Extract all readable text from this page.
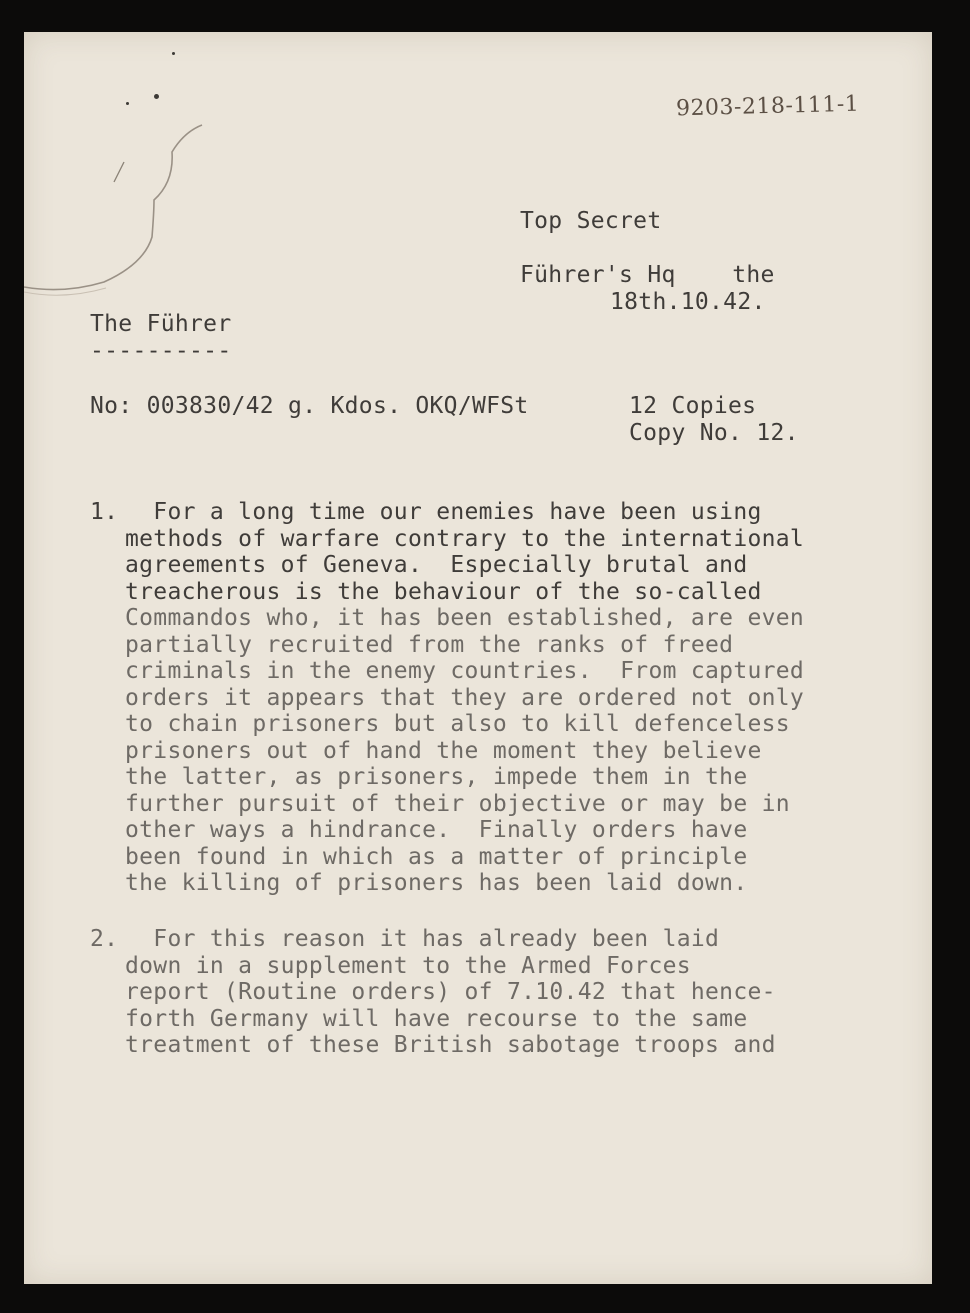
9203-218-111-1
Top Secret
Führer's Hq    the
18th.10.42.
The Führer
----------
No: 003830/42 g. Kdos. OKQ/WFSt	12 Copies
Copy No. 12.
1. For a long time our enemies have been using
methods of warfare contrary to the international
agreements of Geneva.  Especially brutal and
treacherous is the behaviour of the so-called
Commandos who, it has been established, are even
partially recruited from the ranks of freed
criminals in the enemy countries.  From captured
orders it appears that they are ordered not only
to chain prisoners but also to kill defenceless
prisoners out of hand the moment they believe
the latter, as prisoners, impede them in the
further pursuit of their objective or may be in
other ways a hindrance.  Finally orders have
been found in which as a matter of principle
the killing of prisoners has been laid down.
2. For this reason it has already been laid
down in a supplement to the Armed Forces
report (Routine orders) of 7.10.42 that hence-
forth Germany will have recourse to the same
treatment of these British sabotage troops and
